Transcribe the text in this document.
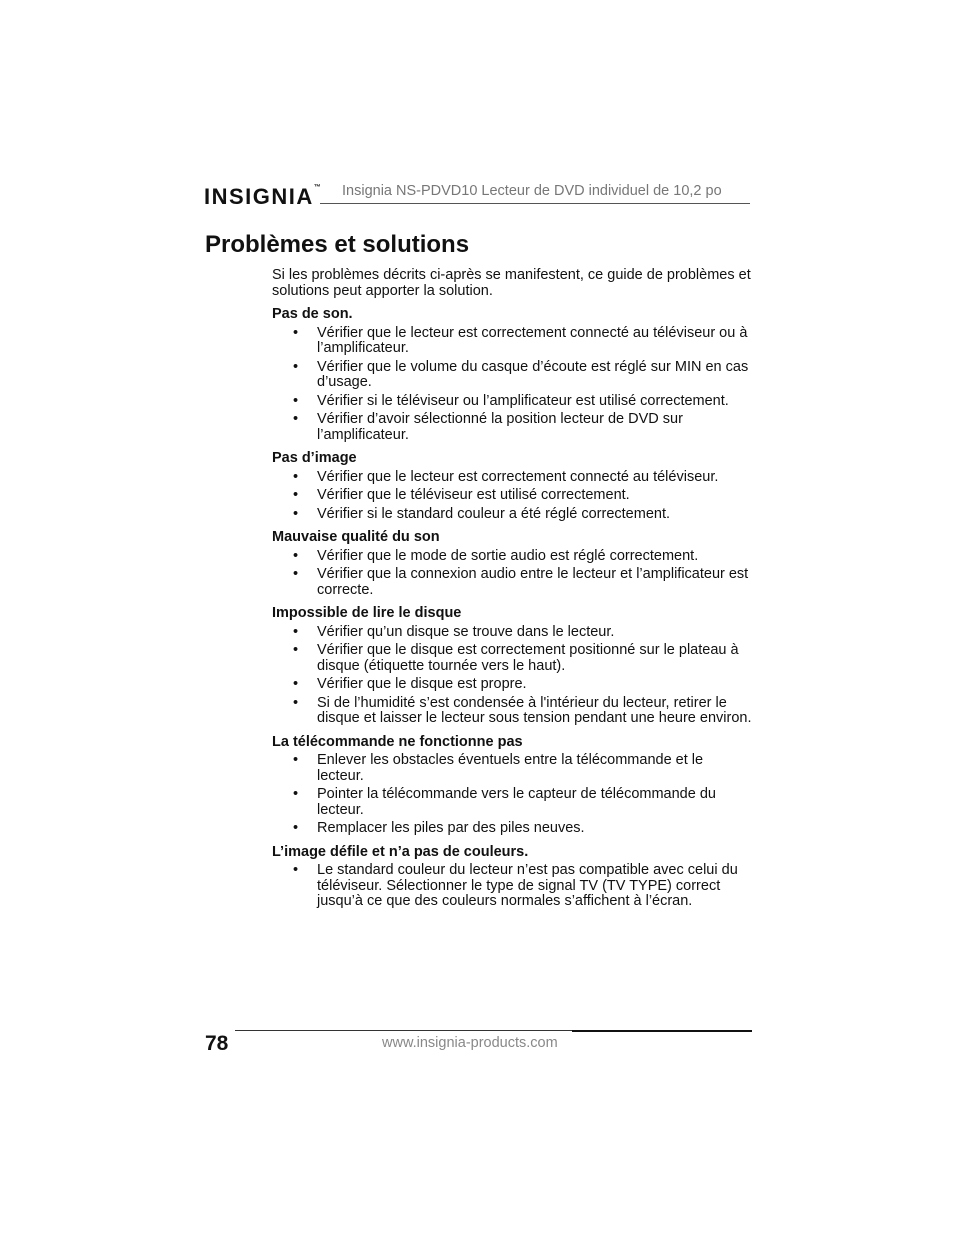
INSIGNIA™ Insignia NS-PDVD10 Lecteur de DVD individuel de 10,2 po
Problèmes et solutions

Si les problèmes décrits ci-après se manifestent, ce guide de problèmes et solutions peut apporter la solution.

Pas de son.
• Vérifier que le lecteur est correctement connecté au téléviseur ou à l’amplificateur.
• Vérifier que le volume du casque d’écoute est réglé sur MIN en cas d’usage.
• Vérifier si le téléviseur ou l’amplificateur est utilisé correctement.
• Vérifier d’avoir sélectionné la position lecteur de DVD sur l’amplificateur.
Pas d’image
• Vérifier que le lecteur est correctement connecté au téléviseur.
• Vérifier que le téléviseur est utilisé correctement.
• Vérifier si le standard couleur a été réglé correctement.
Mauvaise qualité du son
• Vérifier que le mode de sortie audio est réglé correctement.
• Vérifier que la connexion audio entre le lecteur et l’amplificateur est correcte.
Impossible de lire le disque
• Vérifier qu’un disque se trouve dans le lecteur.
• Vérifier que le disque est correctement positionné sur le plateau à disque (étiquette tournée vers le haut).
• Vérifier que le disque est propre.
• Si de l’humidité s’est condensée à l'intérieur du lecteur, retirer le disque et laisser le lecteur sous tension pendant une heure environ.
La télécommande ne fonctionne pas
• Enlever les obstacles éventuels entre la télécommande et le lecteur.
• Pointer la télécommande vers le capteur de télécommande du lecteur.
• Remplacer les piles par des piles neuves.
L’image défile et n’a pas de couleurs.
• Le standard couleur du lecteur n’est pas compatible avec celui du téléviseur. Sélectionner le type de signal TV (TV TYPE) correct jusqu’à ce que des couleurs normales s’affichent à l’écran.
78	www.insignia-products.com
